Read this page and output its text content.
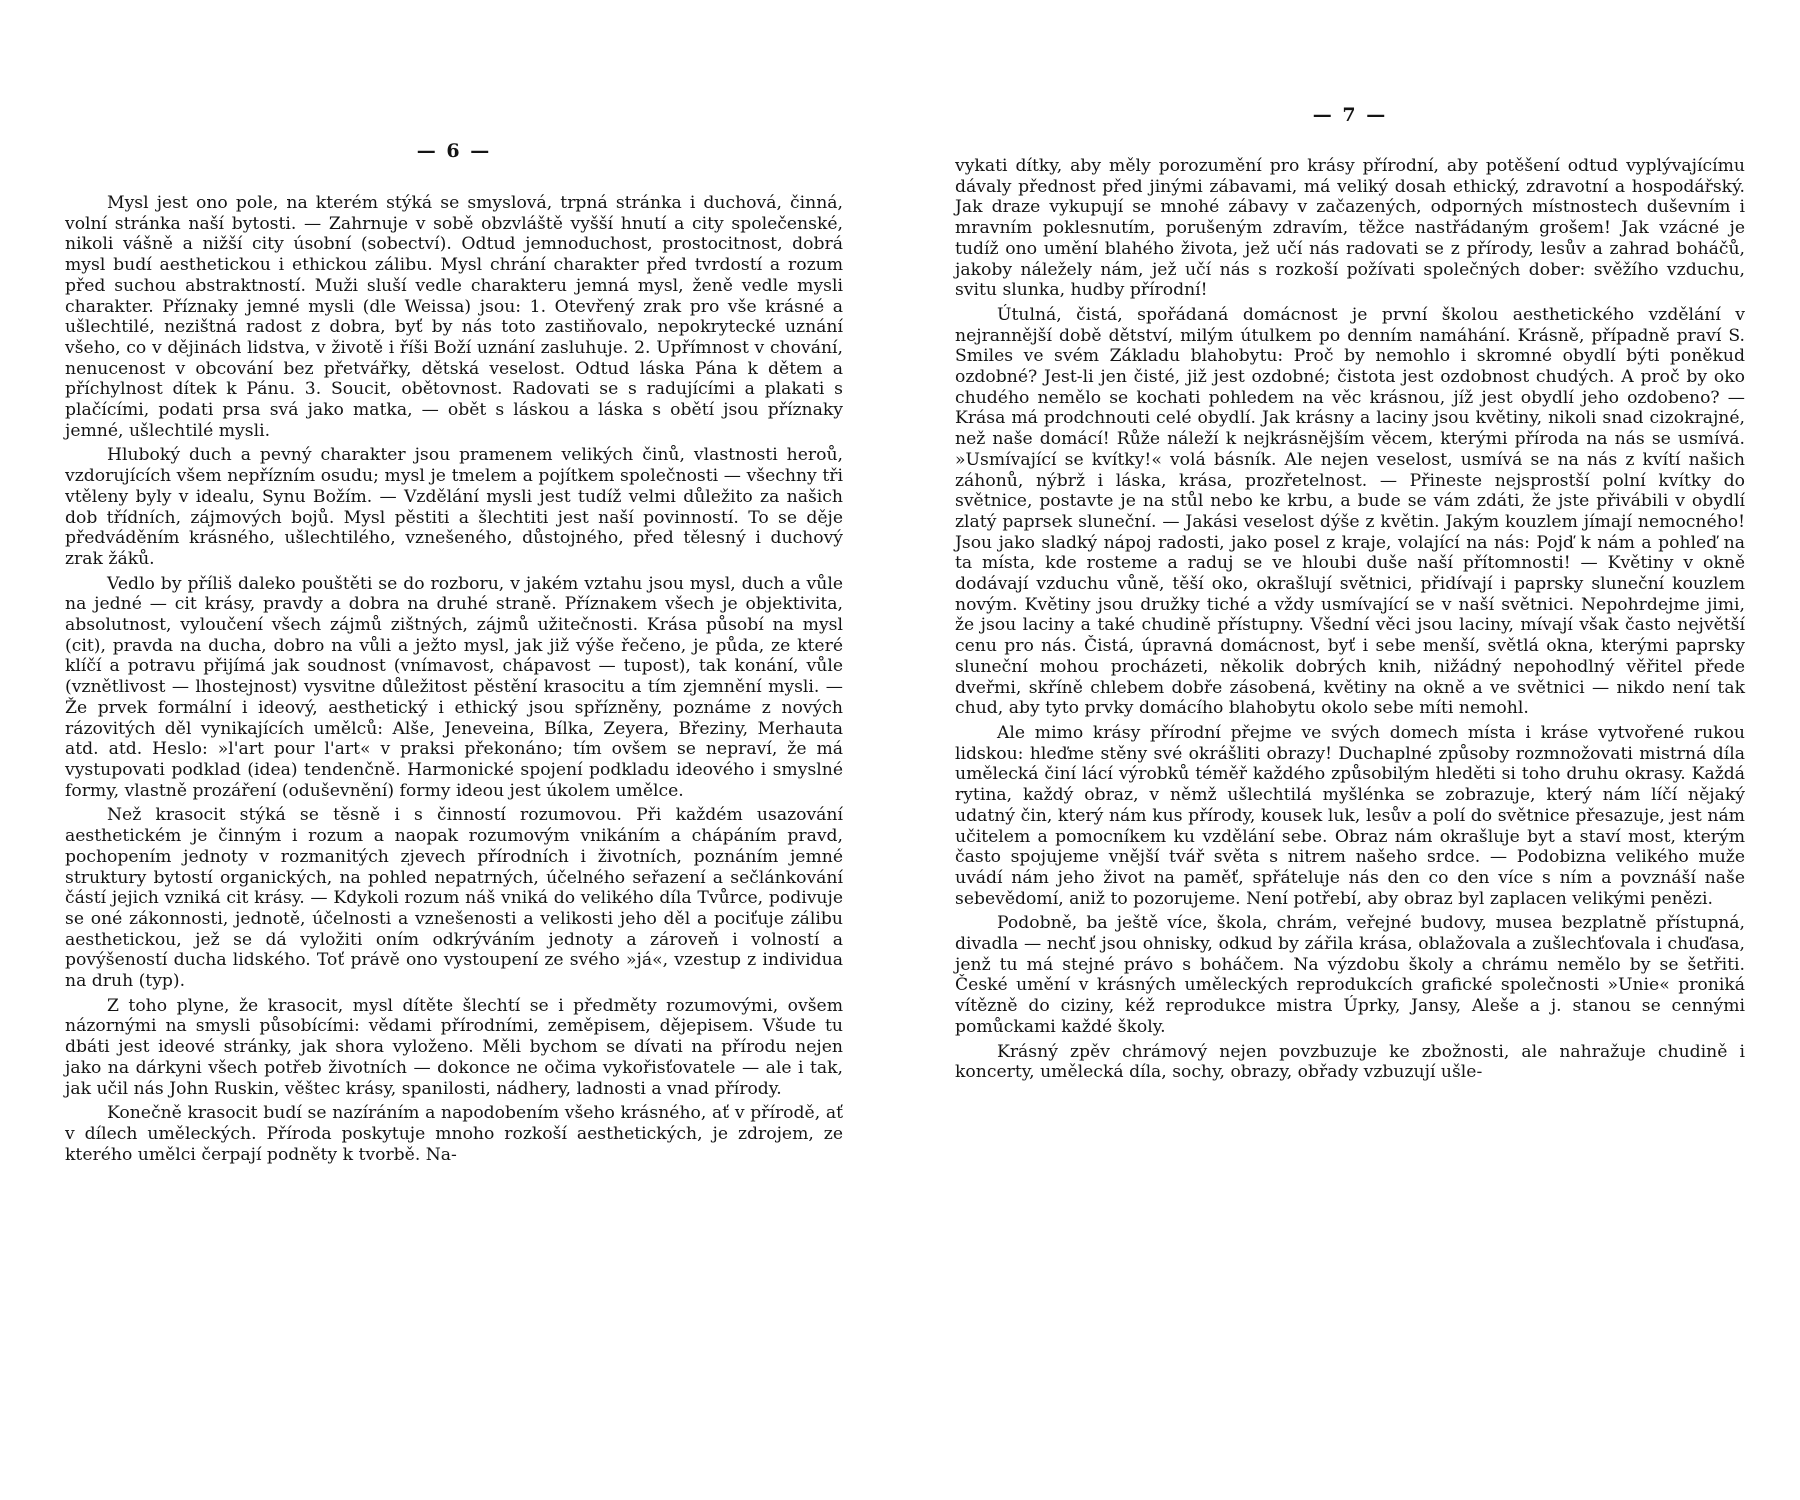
— 6 —

Mysl jest ono pole, na kterém stýká se smyslová, trpná stránka i duchová, činná, volní stránka naší bytosti. — Zahrnuje v sobě obzvláště vyšší hnutí a city společenské, nikoli vášně a nižší city úsobní (sobectví). Odtud jemnoduchost, prostocitnost, dobrá mysl budí aesthetickou i ethickou zálibu. Mysl chrání charakter před tvrdostí a rozum před suchou abstraktností. Muži sluší vedle charakteru jemná mysl, ženě vedle mysli charakter. Příznaky jemné mysli (dle Weissa) jsou: 1. Otevřený zrak pro vše krásné a ušlechtilé, nezištná radost z dobra, byť by nás toto zastiňovalo, nepokrytecké uznání všeho, co v dějinách lidstva, v životě i říši Boží uznání zasluhuje. 2. Upřímnost v chování, nenucenost v obcování bez přetvářky, dětská veselost. Odtud láska Pána k dětem a příchylnost dítek k Pánu. 3. Soucit, obětovnost. Radovati se s radujícími a plakati s plačícími, podati prsa svá jako matka, — obět s láskou a láska s obětí jsou příznaky jemné, ušlechtilé mysli.

Hluboký duch a pevný charakter jsou pramenem velikých činů, vlastnosti heroů, vzdorujících všem nepřízním osudu; mysl je tmelem a pojítkem společnosti — všechny tři vtěleny byly v idealu, Synu Božím. — Vzdělání mysli jest tudíž velmi důležito za našich dob třídních, zájmových bojů. Mysl pěstiti a šlechtiti jest naší povinností. To se děje předváděním krásného, ušlechtilého, vznešeného, důstojného, před tělesný i duchový zrak žáků.

Vedlo by příliš daleko pouštěti se do rozboru, v jakém vztahu jsou mysl, duch a vůle na jedné — cit krásy, pravdy a dobra na druhé straně. Příznakem všech je objektivita, absolutnost, vyloučení všech zájmů zištných, zájmů užitečnosti. Krása působí na mysl (cit), pravda na ducha, dobro na vůli a ježto mysl, jak již výše řečeno, je půda, ze které klíčí a potravu přijímá jak soudnost (vnímavost, chápavost — tupost), tak konání, vůle (vznětlivost — lhostejnost) vysvitne důležitost pěstění krasocitu a tím zjemnění mysli. — Že prvek formální i ideový, aesthetický i ethický jsou spřízněny, poznáme z nových rázovitých děl vynikajících umělců: Alše, Jeneveina, Bílka, Zeyera, Březiny, Merhauta atd. atd. Heslo: »l'art pour l'art« v praksi překonáno; tím ovšem se nepraví, že má vystupovati podklad (idea) tendenčně. Harmonické spojení podkladu ideového i smyslné formy, vlastně prozáření (oduševnění) formy ideou jest úkolem umělce.

Než krasocit stýká se těsně i s činností rozumovou. Při každém usazování aesthetickém je činným i rozum a naopak rozumovým vnikáním a chápáním pravd, pochopením jednoty v rozmanitých zjevech přírodních i životních, poznáním jemné struktury bytostí organických, na pohled nepatrných, účelného seřazení a sečlánkování částí jejich vzniká cit krásy. — Kdykoli rozum náš vniká do velikého díla Tvůrce, podivuje se oné zákonnosti, jednotě, účelnosti a vznešenosti a velikosti jeho děl a pociťuje zálibu aesthetickou, jež se dá vyložiti oním odkrýváním jednoty a zároveň i volností a povýšeností ducha lidského. Toť právě ono vystoupení ze svého »já«, vzestup z individua na druh (typ).

Z toho plyne, že krasocit, mysl dítěte šlechtí se i předměty rozumovými, ovšem názornými na smysli působícími: vědami přírodními, zeměpisem, dějepisem. Všude tu dbáti jest ideové stránky, jak shora vyloženo. Měli bychom se dívati na přírodu nejen jako na dárkyni všech potřeb životních — dokonce ne očima vykořisťovatele — ale i tak, jak učil nás John Ruskin, věštec krásy, spanilosti, nádhery, ladnosti a vnad přírody.

Konečně krasocit budí se nazíráním a napodobením všeho krásného, ať v přírodě, ať v dílech uměleckých. Příroda poskytuje mnoho rozkoší aesthetických, je zdrojem, ze kterého umělci čerpají podněty k tvorbě. Na-

— 7 —

vykati dítky, aby měly porozumění pro krásy přírodní, aby potěšení odtud vyplývajícímu dávaly přednost před jinými zábavami, má veliký dosah ethický, zdravotní a hospodářský. Jak draze vykupují se mnohé zábavy v začazených, odporných místnostech duševním i mravním poklesnutím, porušeným zdravím, těžce nastřádaným grošem! Jak vzácné je tudíž ono umění blahého života, jež učí nás radovati se z přírody, lesův a zahrad boháčů, jakoby náležely nám, jež učí nás s rozkoší požívati společných dober: svěžího vzduchu, svitu slunka, hudby přírodní!

Útulná, čistá, spořádaná domácnost je první školou aesthetického vzdělání v nejrannější době dětství, milým útulkem po denním namáhání. Krásně, případně praví S. Smiles ve svém Základu blahobytu: Proč by nemohlo i skromné obydlí býti poněkud ozdobné? Jest-li jen čisté, již jest ozdobné; čistota jest ozdobnost chudých. A proč by oko chudého nemělo se kochati pohledem na věc krásnou, jíž jest obydlí jeho ozdobeno? — Krása má prodchnouti celé obydlí. Jak krásny a laciny jsou květiny, nikoli snad cizokrajné, než naše domácí! Růže náleží k nejkrásnějším věcem, kterými příroda na nás se usmívá. »Usmívající se kvítky!« volá básník. Ale nejen veselost, usmívá se na nás z kvítí našich záhonů, nýbrž i láska, krása, prozřetelnost. — Přineste nejsprostší polní kvítky do světnice, postavte je na stůl nebo ke krbu, a bude se vám zdáti, že jste přivábili v obydlí zlatý paprsek sluneční. — Jakási veselost dýše z květin. Jakým kouzlem jímají nemocného! Jsou jako sladký nápoj radosti, jako posel z kraje, volající na nás: Pojď k nám a pohleď na ta místa, kde rosteme a raduj se ve hloubi duše naší přítomnosti! — Květiny v okně dodávají vzduchu vůně, těší oko, okrašlují světnici, přidívají i paprsky sluneční kouzlem novým. Květiny jsou družky tiché a vždy usmívající se v naší světnici. Nepohrdejme jimi, že jsou laciny a také chudině přístupny. Všední věci jsou laciny, mívají však často největší cenu pro nás. Čistá, úpravná domácnost, byť i sebe menší, světlá okna, kterými paprsky sluneční mohou procházeti, několik dobrých knih, nižádný nepohodlný věřitel přede dveřmi, skříně chlebem dobře zásobená, květiny na okně a ve světnici — nikdo není tak chud, aby tyto prvky domácího blahobytu okolo sebe míti nemohl.

Ale mimo krásy přírodní přejme ve svých domech místa i kráse vytvořené rukou lidskou: hleďme stěny své okrášliti obrazy! Duchaplné způsoby rozmnožovati mistrná díla umělecká činí lácí výrobků téměř každého způsobilým hleděti si toho druhu okrasy. Každá rytina, každý obraz, v němž ušlechtilá myšlénka se zobrazuje, který nám líčí nějaký udatný čin, který nám kus přírody, kousek luk, lesův a polí do světnice přesazuje, jest nám učitelem a pomocníkem ku vzdělání sebe. Obraz nám okrašluje byt a staví most, kterým často spojujeme vnější tvář světa s nitrem našeho srdce. — Podobizna velikého muže uvádí nám jeho život na paměť, spřáteluje nás den co den více s ním a povznáší naše sebevědomí, aniž to pozorujeme. Není potřebí, aby obraz byl zaplacen velikými penězi.

Podobně, ba ještě více, škola, chrám, veřejné budovy, musea bezplatně přístupná, divadla — nechť jsou ohnisky, odkud by zářila krása, oblažovala a zušlechťovala i chuďasa, jenž tu má stejné právo s boháčem. Na výzdobu školy a chrámu nemělo by se šetřiti. České umění v krásných uměleckých reprodukcích grafické společnosti »Unie« proniká vítězně do ciziny, kéž reprodukce mistra Úprky, Jansy, Aleše a j. stanou se cennými pomůckami každé školy.

Krásný zpěv chrámový nejen povzbuzuje ke zbožnosti, ale nahražuje chudině i koncerty, umělecká díla, sochy, obrazy, obřady vzbuzují ušle-
